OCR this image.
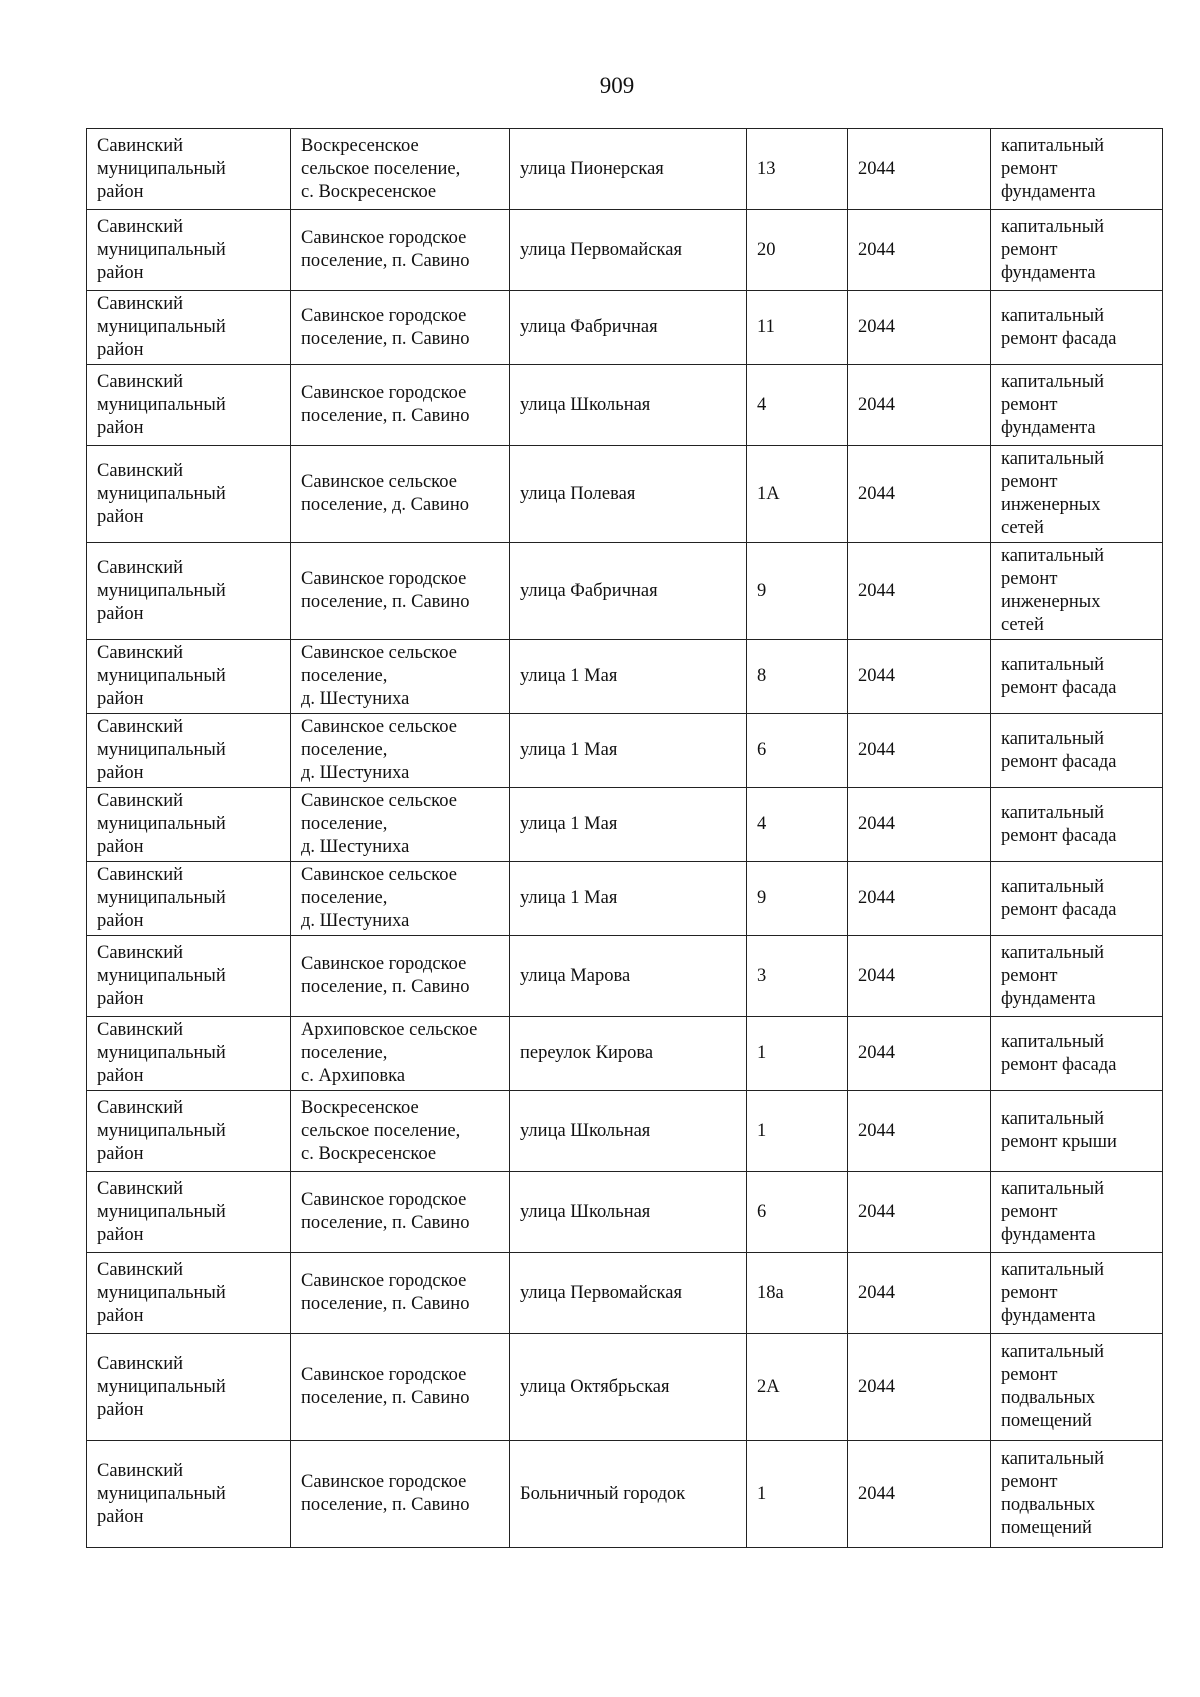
909
Савинский
муниципальный
район	Воскресенское
сельское поселение,
с. Воскресенское	улица Пионерская	13	2044	капитальный
ремонт
фундамента
Савинский
муниципальный
район	Савинское городское
поселение, п. Савино	улица Первомайская	20	2044	капитальный
ремонт
фундамента
Савинский
муниципальный
район	Савинское городское
поселение, п. Савино	улица Фабричная	11	2044	капитальный
ремонт фасада
Савинский
муниципальный
район	Савинское городское
поселение, п. Савино	улица Школьная	4	2044	капитальный
ремонт
фундамента
Савинский
муниципальный
район	Савинское сельское
поселение, д. Савино	улица Полевая	1А	2044	капитальный
ремонт
инженерных
сетей
Савинский
муниципальный
район	Савинское городское
поселение, п. Савино	улица Фабричная	9	2044	капитальный
ремонт
инженерных
сетей
Савинский
муниципальный
район	Савинское сельское
поселение,
д. Шестуниха	улица 1 Мая	8	2044	капитальный
ремонт фасада
Савинский
муниципальный
район	Савинское сельское
поселение,
д. Шестуниха	улица 1 Мая	6	2044	капитальный
ремонт фасада
Савинский
муниципальный
район	Савинское сельское
поселение,
д. Шестуниха	улица 1 Мая	4	2044	капитальный
ремонт фасада
Савинский
муниципальный
район	Савинское сельское
поселение,
д. Шестуниха	улица 1 Мая	9	2044	капитальный
ремонт фасада
Савинский
муниципальный
район	Савинское городское
поселение, п. Савино	улица Марова	3	2044	капитальный
ремонт
фундамента
Савинский
муниципальный
район	Архиповское сельское
поселение,
с. Архиповка	переулок Кирова	1	2044	капитальный
ремонт фасада
Савинский
муниципальный
район	Воскресенское
сельское поселение,
с. Воскресенское	улица Школьная	1	2044	капитальный
ремонт крыши
Савинский
муниципальный
район	Савинское городское
поселение, п. Савино	улица Школьная	6	2044	капитальный
ремонт
фундамента
Савинский
муниципальный
район	Савинское городское
поселение, п. Савино	улица Первомайская	18а	2044	капитальный
ремонт
фундамента
Савинский
муниципальный
район	Савинское городское
поселение, п. Савино	улица Октябрьская	2А	2044	капитальный
ремонт
подвальных
помещений
Савинский
муниципальный
район	Савинское городское
поселение, п. Савино	Больничный городок	1	2044	капитальный
ремонт
подвальных
помещений
